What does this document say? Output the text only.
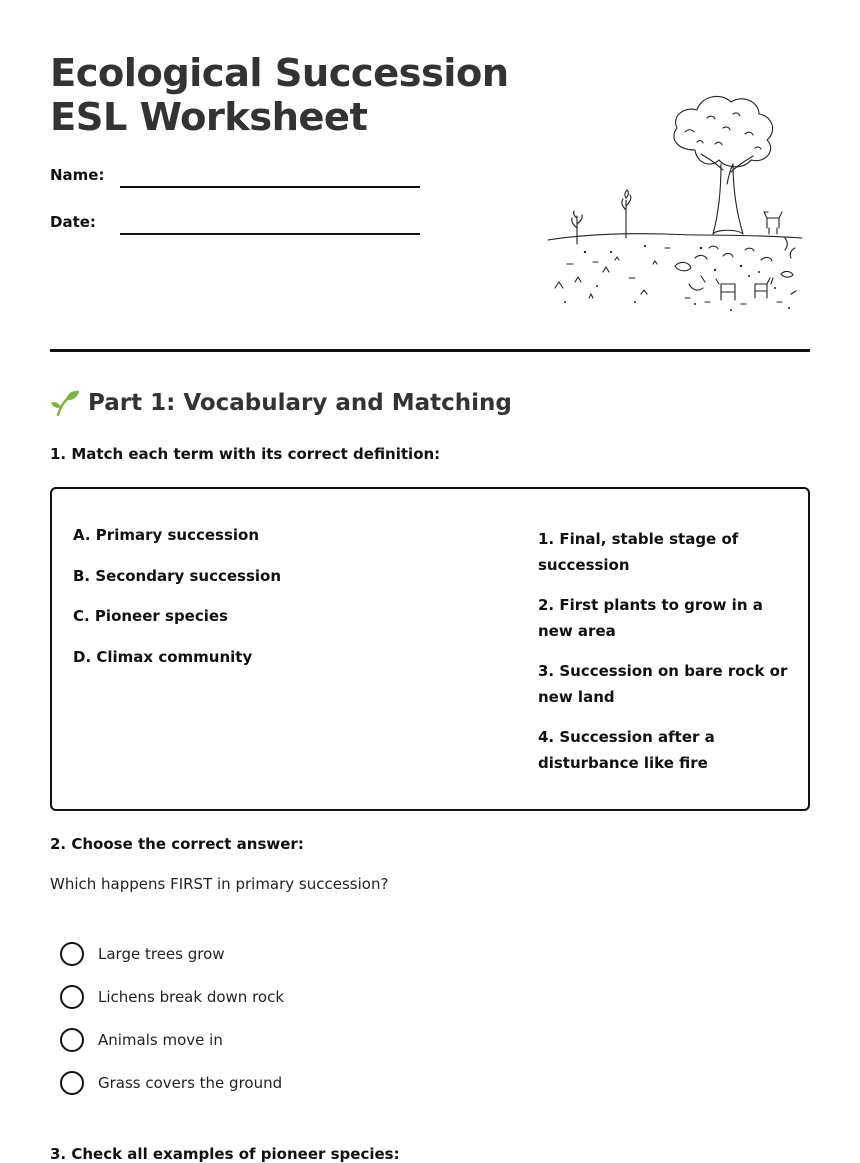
Ecological Succession
ESL Worksheet
Name:
Date:
Part 1: Vocabulary and Matching

1. Match each term with its correct definition:

A. Primary succession
B. Secondary succession
C. Pioneer species
D. Climax community
1. Final, stable stage of succession
2. First plants to grow in a new area
3. Succession on bare rock or new land
4. Succession after a disturbance like fire

2. Choose the correct answer:

Which happens FIRST in primary succession?
Large trees grow
Lichens break down rock
Animals move in
Grass covers the ground

3. Check all examples of pioneer species:
